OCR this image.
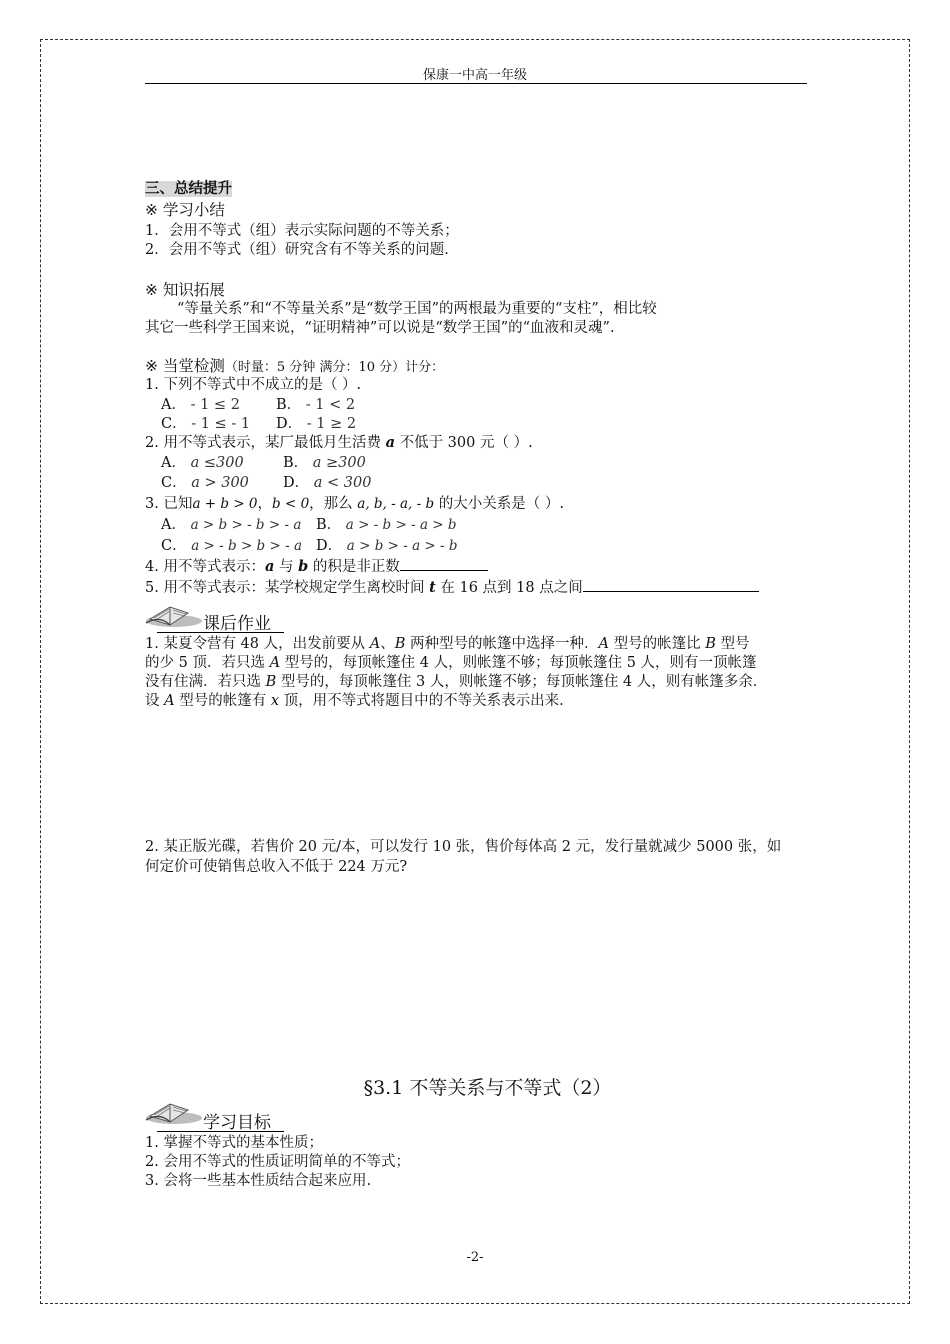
保康一中高一年级
三、总结提升
※ 学习小结
1．会用不等式（组）表示实际问题的不等关系；
2．会用不等式（组）研究含有不等关系的问题.
※ 知识拓展
“等量关系”和“不等量关系”是“数学王国”的两根最为重要的“支柱”，相比较
其它一些科学王国来说，“证明精神”可以说是“数学王国”的“血液和灵魂”.
※ 当堂检测（时量：5 分钟 满分：10 分）计分：
1. 下列不等式中不成立的是（ ）.
A． - 1 ≤ 2 B． - 1 < 2
C． - 1 ≤ - 1 D． - 1 ≥ 2
2. 用不等式表示，某厂最低月生活费 a 不低于 300 元（ ）.
A． a ≤300	B． a ≥300
C． a > 300 D． a < 300
3. 已知a + b > 0，b < 0，那么 a, b, - a, - b 的大小关系是（ ）.
A． a > b > - b > - a B． a > - b > - a > b
C． a > - b > b > - a D． a > b > - a > - b
4. 用不等式表示：a 与 b 的积是非正数
5. 用不等式表示：某学校规定学生离校时间 t 在 16 点到 18 点之间
课后作业
1. 某夏令营有 48 人，出发前要从 A、B 两种型号的帐篷中选择一种．A 型号的帐篷比 B 型号
的少 5 顶．若只选 A 型号的，每顶帐篷住 4 人，则帐篷不够；每顶帐篷住 5 人，则有一顶帐篷
没有住满．若只选 B 型号的，每顶帐篷住 3 人，则帐篷不够；每顶帐篷住 4 人，则有帐篷多余．
设 A 型号的帐篷有 x 顶，用不等式将题目中的不等关系表示出来.
2. 某正版光碟，若售价 20 元/本，可以发行 10 张，售价每体高 2 元，发行量就减少 5000 张，如
何定价可使销售总收入不低于 224 万元?
§3.1 不等关系与不等式（2）
学习目标
1. 掌握不等式的基本性质；
2. 会用不等式的性质证明简单的不等式；
3. 会将一些基本性质结合起来应用.
-2-
